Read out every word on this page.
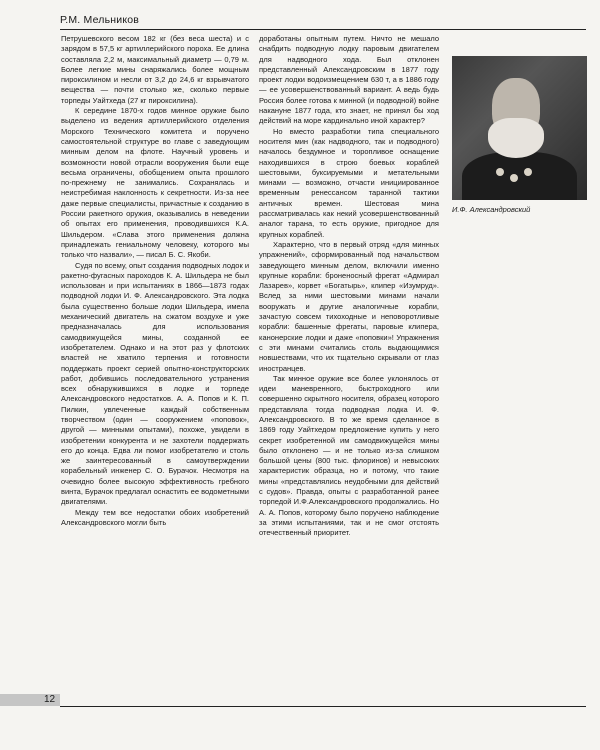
Р.М. Мельников

Петрушевского весом 182 кг (без веса шеста) и с зарядом в 57,5 кг артиллерийского пороха. Ее длина составляла 2,2 м, максимальный диаметр — 0,79 м. Более легкие мины снаряжались более мощным пироксилином и несли от 3,2 до 24,6 кг взрывчатого вещества — почти столько же, сколько первые торпеды Уайтхеда (27 кг пироксилина).

К середине 1870-х годов минное оружие было выделено из ведения артиллерийского отделения Морского Технического комитета и поручено самостоятельной структуре во главе с заведующим минным делом на флоте. Научный уровень и возможности новой отрасли вооружения были еще весьма ограничены, обобщением опыта прошлого по-прежнему не занимались. Сохранялась и неистребимая наклонность к секретности. Из-за нее даже первые специалисты, причастные к созданию в России ракетного оружия, оказывались в неведении об опытах его применения, проводившихся К.А. Шильдером. «Слава этого применения должна принадлежать гениальному человеку, которого мы только что назвали», — писал Б. С. Якоби.

Судя по всему, опыт создания подводных лодок и ракетно-фугасных пароходов К. А. Шильдера не был использован и при испытаниях в 1866—1873 годах подводной лодки И. Ф. Александровского. Эта лодка была существенно больше лодки Шильдера, имела механический двигатель на сжатом воздухе и уже предназначалась для использования самодвижущейся мины, созданной ее изобретателем. Однако и на этот раз у флотских властей не хватило терпения и готовности поддержать проект серией опытно-конструкторских работ, добившись последовательного устранения всех обнаружившихся в лодке и торпеде Александровского недостатков. А. А. Попов и К. П. Пилкин, увлеченные каждый собственным творчеством (один — сооружением «поповок», другой — минными опытами), похоже, увидели в изобретении конкурента и не захотели поддержать его до конца. Едва ли помог изобретателю и столь же заинтересованный в самоутверждении корабельный инженер С. О. Бурачок. Несмотря на очевидно более высокую эффективность гребного винта, Бурачок предлагал оснастить ее водометными двигателями.

Между тем все недостатки обоих изобретений Александровского могли быть

доработаны опытным путем. Ничто не мешало снабдить подводную лодку паровым двигателем для надводного хода. Был отклонен представленный Александровским в 1877 году проект лодки водоизмещением 630 т, а в 1886 году — ее усовершенствованный вариант. А ведь будь Россия более готова к минной (и подводной) войне накануне 1877 года, кто знает, не принял бы ход действий на море кардинально иной характер?

Но вместо разработки типа специального носителя мин (как надводного, так и подводного) началось бездумное и торопливое оснащение находившихся в строю боевых кораблей шестовыми, буксируемыми и метательными минами — возможно, отчасти инициированное временным ренессансом таранной тактики античных времен. Шестовая мина рассматривалась как некий усовершенствованный аналог тарана, то есть оружие, пригодное для крупных кораблей.

Характерно, что в первый отряд «для минных упражнений», сформированный под начальством заведующего минным делом, включили именно крупные корабли: броненосный фрегат «Адмирал Лазарев», корвет «Богатырь», клипер «Изумруд». Вслед за ними шестовыми минами начали вооружать и другие аналогичные корабли, зачастую совсем тихоходные и неповоротливые корабли: башенные фрегаты, паровые клипера, канонерские лодки и даже «поповки»! Упражнения с эти минами считались столь выдающимися новшествами, что их тщательно скрывали от глаз иностранцев.

Так минное оружие все более уклонялось от идеи маневренного, быстроходного или совершенно скрытного носителя, образец которого представляла тогда подводная лодка И. Ф. Александровского. В то же время сделанное в 1869 году Уайтхедом предложение купить у него секрет изобретенной им самодвижущейся мины было отклонено — и не только из-за слишком большой цены (800 тыс. флоринов) и невысоких характеристик образца, но и потому, что такие мины «представлялись неудобными для действий с судов». Правда, опыты с разработанной ранее торпедой И.Ф.Александровского продолжались. Но А. А. Попов, которому было поручено наблюдение за этими испытаниями, так и не смог отстоять отечественный приоритет.

И.Ф. Александровский
12
